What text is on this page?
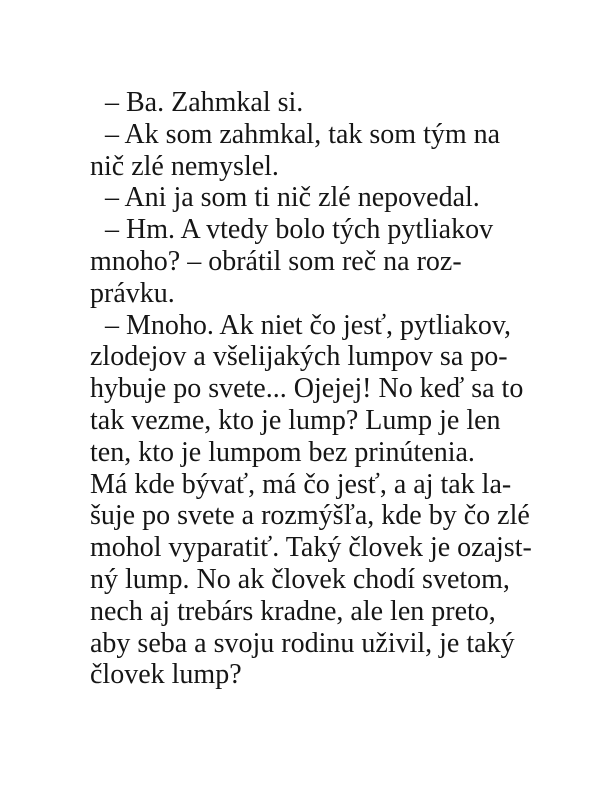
– Ba. Zahmkal si.
– Ak som zahmkal, tak som tým na
nič zlé nemyslel.
– Ani ja som ti nič zlé nepovedal.
– Hm. A vtedy bolo tých pytliakov
mnoho? – obrátil som reč na roz-
právku.
– Mnoho. Ak niet čo jesť, pytliakov,
zlodejov a všelijakých lumpov sa po-
hybuje po svete... Ojejej! No keď sa to
tak vezme, kto je lump? Lump je len
ten, kto je lumpom bez prinútenia.
Má kde bývať, má čo jesť, a aj tak la-
šuje po svete a rozmýšľa, kde by čo zlé
mohol vyparatiť. Taký človek je ozajst-
ný lump. No ak človek chodí svetom,
nech aj trebárs kradne, ale len preto,
aby seba a svoju rodinu uživil, je taký
človek lump?
